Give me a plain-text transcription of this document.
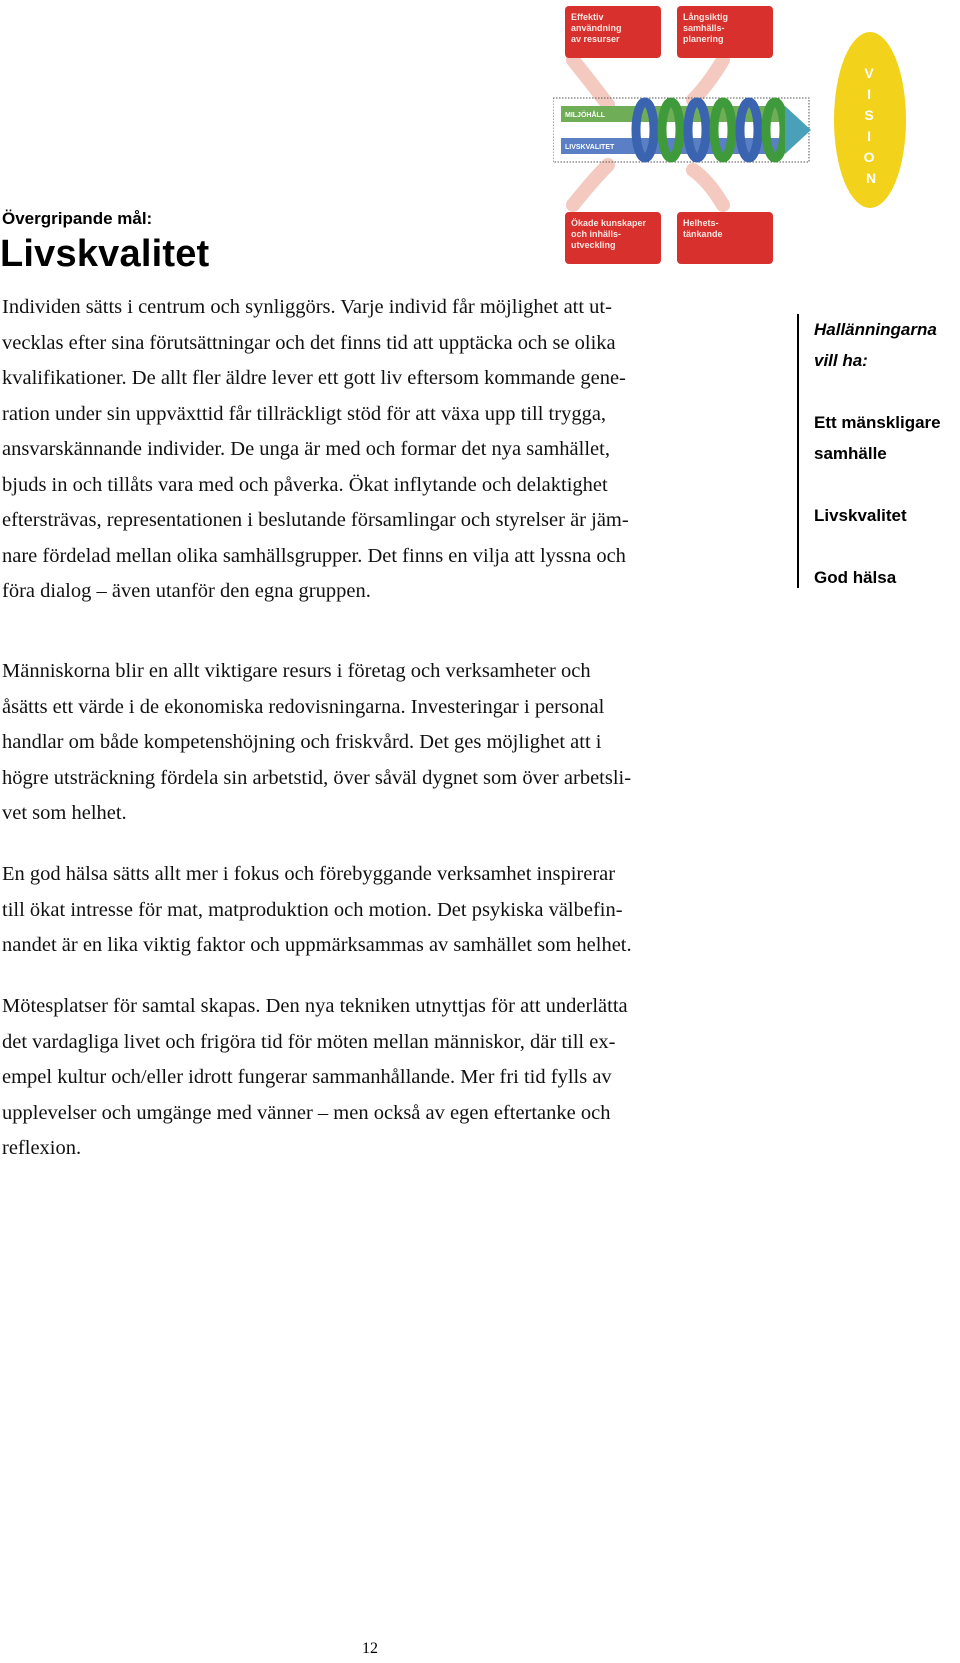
Effektiv användning av resurser Långsiktig samhälls- planering Ökade kunskaper och inhälls- utveckling Helhets- tänkande
MILJÖHÅLL LIVSKVALITET
V I S I O N
Övergripande mål:
Livskvalitet
Individen sätts i centrum och synliggörs. Varje individ får möjlighet att ut-
vecklas efter sina förutsättningar och det finns tid att upptäcka och se olika
kvalifikationer. De allt fler äldre lever ett gott liv eftersom kommande gene-
ration under sin uppväxttid får tillräckligt stöd för att växa upp till trygga,
ansvarskännande individer. De unga är med och formar det nya samhället,
bjuds in och tillåts vara med och påverka. Ökat inflytande och delaktighet
eftersträvas, representationen i beslutande församlingar och styrelser är jäm-
nare fördelad mellan olika samhällsgrupper. Det finns en vilja att lyssna och
föra dialog – även utanför den egna gruppen.
Människorna blir en allt viktigare resurs i företag och verksamheter och
åsätts ett värde i de ekonomiska redovisningarna. Investeringar i personal
handlar om både kompetenshöjning och friskvård. Det ges möjlighet att i
högre utsträckning fördela sin arbetstid, över såväl dygnet som över arbetsli-
vet som helhet.
En god hälsa sätts allt mer i fokus och förebyggande verksamhet inspirerar
till ökat intresse för mat, matproduktion och motion. Det psykiska välbefin-
nandet är en lika viktig faktor och uppmärksammas av samhället som helhet.
Mötesplatser för samtal skapas. Den nya tekniken utnyttjas för att underlätta
det vardagliga livet och frigöra tid för möten mellan människor, där till ex-
empel kultur och/eller idrott fungerar sammanhållande. Mer fri tid fylls av
upplevelser och umgänge med vänner – men också av egen eftertanke och
reflexion.
Hallänningarna
vill ha:
Ett mänskligare
samhälle
Livskvalitet
God hälsa
12
